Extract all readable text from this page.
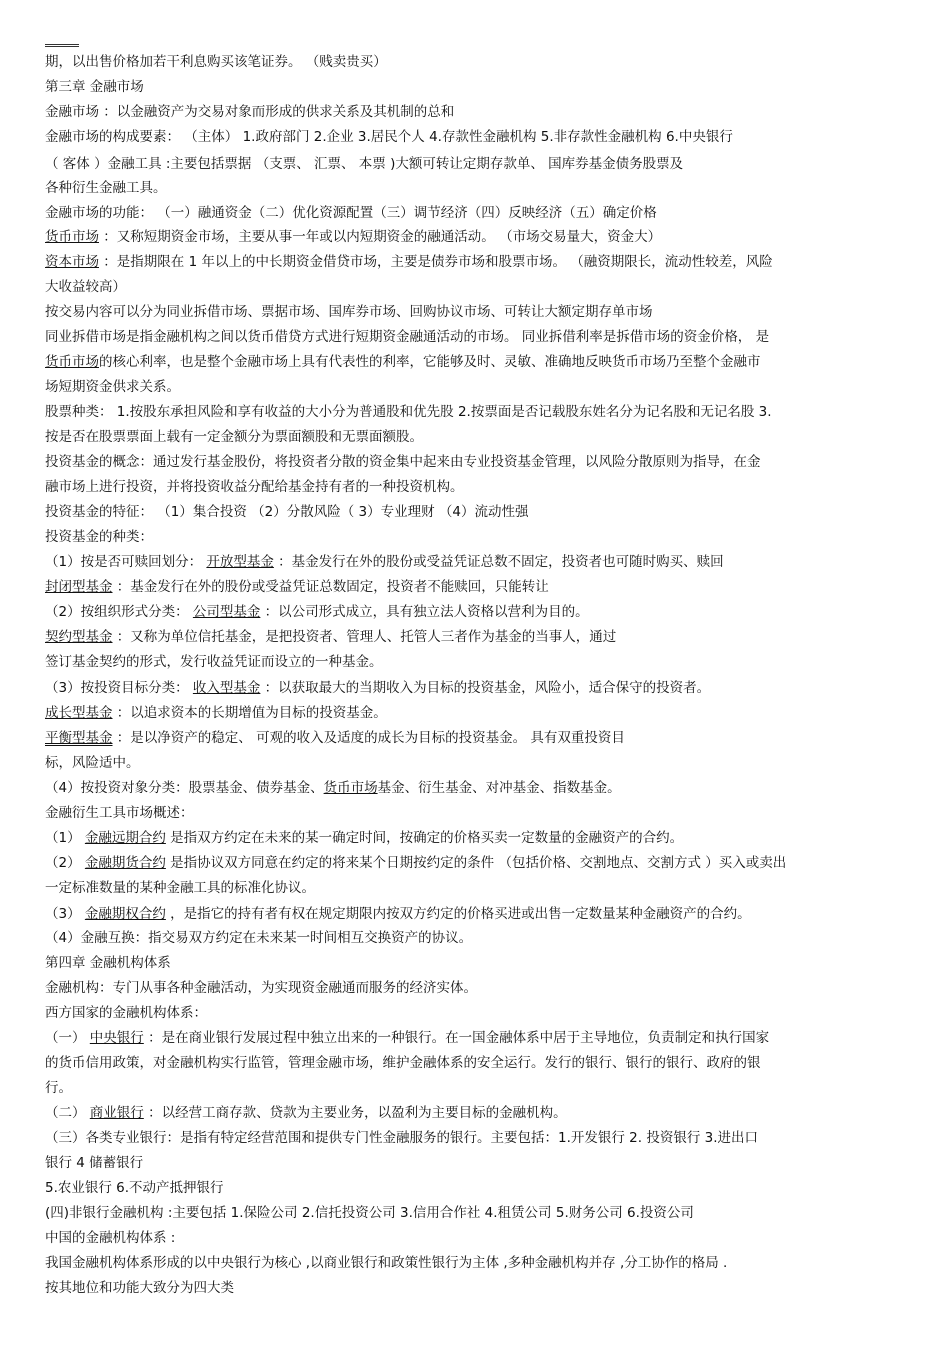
期，以出售价格加若干利息购买该笔证券。 （贱卖贵买）
第三章 金融市场
金融市场 ：以金融资产为交易对象而形成的供求关系及其机制的总和
金融市场的构成要素： （主体） 1.政府部门 2.企业 3.居民个人 4.存款性金融机构 5.非存款性金融机构 6.中央银行
（ 客体 ）金融工具 :主要包括票据 （支票、 汇票、 本票 )大额可转让定期存款单、 国库券基金债务股票及
各种衍生金融工具。
金融市场的功能： （一）融通资金（二）优化资源配置（三）调节经济（四）反映经济（五）确定价格
货币市场 ：又称短期资金市场，主要从事一年或以内短期资金的融通活动。 （市场交易量大，资金大）
资本市场 ：是指期限在 1 年以上的中长期资金借贷市场，主要是债券市场和股票市场。 （融资期限长，流动性较差，风险
大收益较高）
按交易内容可以分为同业拆借市场、票据市场、国库券市场、回购协议市场、可转让大额定期存单市场
同业拆借市场是指金融机构之间以货币借贷方式进行短期资金融通活动的市场。 同业拆借利率是拆借市场的资金价格， 是
货币市场的核心利率，也是整个金融市场上具有代表性的利率，它能够及时、灵敏、准确地反映货币市场乃至整个金融市
场短期资金供求关系。
股票种类： 1.按股东承担风险和享有收益的大小分为普通股和优先股 2.按票面是否记载股东姓名分为记名股和无记名股 3.
按是否在股票票面上载有一定金额分为票面额股和无票面额股。
投资基金的概念：通过发行基金股份，将投资者分散的资金集中起来由专业投资基金管理，以风险分散原则为指导，在金
融市场上进行投资，并将投资收益分配给基金持有者的一种投资机构。
投资基金的特征： （1）集合投资 （2）分散风险（ 3）专业理财 （4）流动性强
投资基金的种类：
（1）按是否可赎回划分： 开放型基金 ：基金发行在外的股份或受益凭证总数不固定，投资者也可随时购买、赎回
封闭型基金 ：基金发行在外的股份或受益凭证总数固定，投资者不能赎回，只能转让
（2）按组织形式分类： 公司型基金 ：以公司形式成立，具有独立法人资格以营利为目的。
契约型基金 ：又称为单位信托基金，是把投资者、管理人、托管人三者作为基金的当事人，通过
签订基金契约的形式，发行收益凭证而设立的一种基金。
（3）按投资目标分类： 收入型基金 ：以获取最大的当期收入为目标的投资基金，风险小，适合保守的投资者。
成长型基金 ：以追求资本的长期增值为目标的投资基金。
平衡型基金 ：是以净资产的稳定、 可观的收入及适度的成长为目标的投资基金。 具有双重投资目
标，风险适中。
（4）按投资对象分类：股票基金、债券基金、货币市场基金、衍生基金、对冲基金、指数基金。
金融衍生工具市场概述：
（1） 金融远期合约 是指双方约定在未来的某一确定时间，按确定的价格买卖一定数量的金融资产的合约。
（2） 金融期货合约 是指协议双方同意在约定的将来某个日期按约定的条件 （包括价格、交割地点、交割方式 ）买入或卖出
一定标准数量的某种金融工具的标准化协议。
（3） 金融期权合约 ，是指它的持有者有权在规定期限内按双方约定的价格买进或出售一定数量某种金融资产的合约。
（4）金融互换：指交易双方约定在未来某一时间相互交换资产的协议。
第四章 金融机构体系
金融机构：专门从事各种金融活动，为实现资金融通而服务的经济实体。
西方国家的金融机构体系：
（一） 中央银行 ：是在商业银行发展过程中独立出来的一种银行。在一国金融体系中居于主导地位，负责制定和执行国家
的货币信用政策，对金融机构实行监管，管理金融市场，维护金融体系的安全运行。发行的银行、银行的银行、政府的银
行。
（二） 商业银行 ：以经营工商存款、贷款为主要业务，以盈利为主要目标的金融机构。
（三）各类专业银行：是指有特定经营范围和提供专门性金融服务的银行。主要包括：1.开发银行 2. 投资银行 3.进出口
银行 4 储蓄银行
5.农业银行 6.不动产抵押银行
(四)非银行金融机构 :主要包括 1.保险公司 2.信托投资公司 3.信用合作社 4.租赁公司 5.财务公司 6.投资公司
中国的金融机构体系 :
我国金融机构体系形成的以中央银行为核心 ,以商业银行和政策性银行为主体 ,多种金融机构并存 ,分工协作的格局 .
按其地位和功能大致分为四大类
